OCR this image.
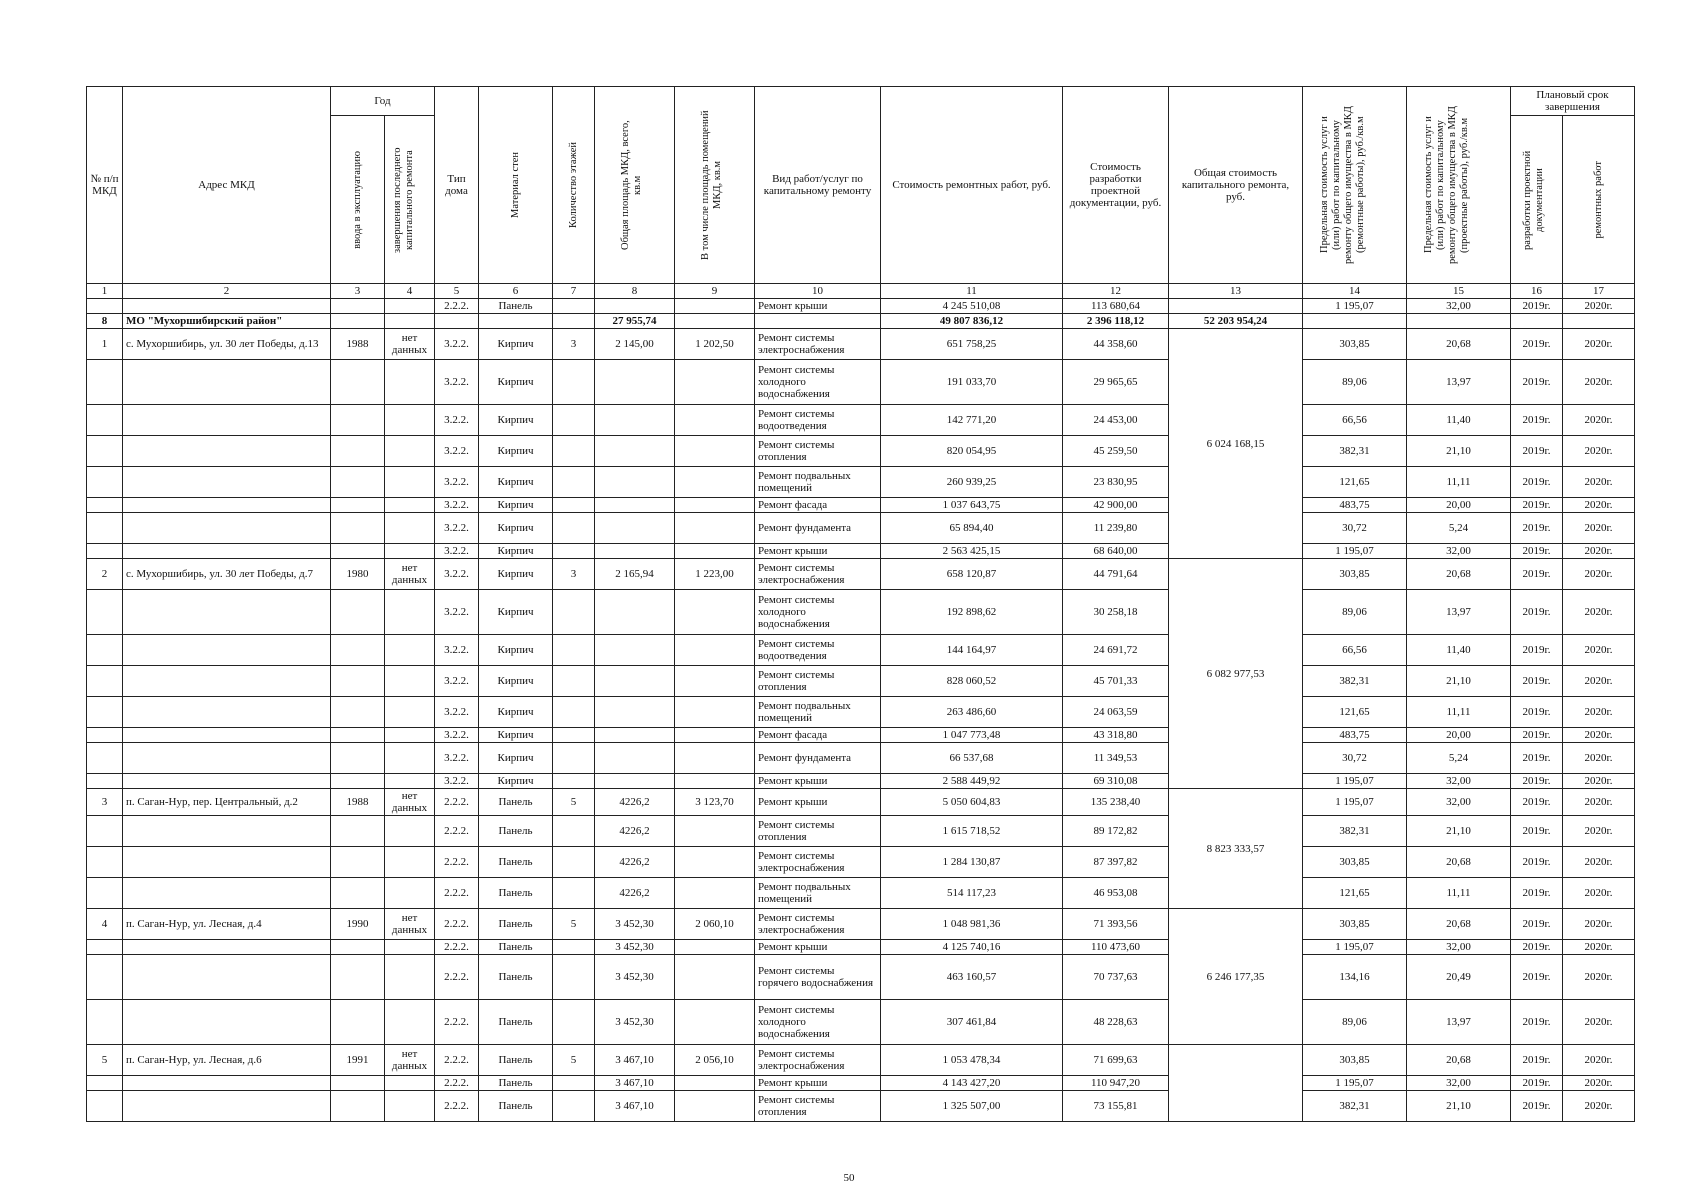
№ п/п МКД	Адрес МКД	Год		Тип дома	Материал стен	Количество этажей	Общая площадь МКД, всего, кв.м	В том числе площадь помещений МКД, кв.м	Вид работ/услуг по капитальному ремонту	Стоимость ремонтных работ, руб.	Стоимость разработки проектной документации, руб.	Общая стоимость капитального ремонта, руб.	Предельная стоимость услуг и (или) работ по капитальному ремонту общего имущества в МКД (ремонтные работы), руб./кв.м	Предельная стоимость услуг и (или) работ по капитальному ремонту общего имущества в МКД (проектные работы), руб./кв.м	Плановый срок завершения	

		ввода в эксплуатацию	завершения последнего капитального ремонта												разработки проектной документации	ремонтных работ

1	2	3	4	5	6	7	8	9	10	11	12	13	14	15	16	17
				2.2.2.	Панель				Ремонт крыши	4 245 510,08	113 680,64		1 195,07	32,00	2019г.	2020г.
8	МО "Мухоршибирский район"						27 955,74			49 807 836,12	2 396 118,12	52 203 954,24				
1	с. Мухоршибирь, ул. 30 лет Победы, д.13	1988	нет данных	3.2.2.	Кирпич	3	2 145,00	1 202,50	Ремонт системы электроснабжения	651 758,25	44 358,60	6 024 168,15	303,85	20,68	2019г.	2020г.
				3.2.2.	Кирпич				Ремонт системы холодного водоснабжения	191 033,70	29 965,65		89,06	13,97	2019г.	2020г.
				3.2.2.	Кирпич				Ремонт системы водоотведения	142 771,20	24 453,00		66,56	11,40	2019г.	2020г.
				3.2.2.	Кирпич				Ремонт системы отопления	820 054,95	45 259,50		382,31	21,10	2019г.	2020г.
				3.2.2.	Кирпич				Ремонт подвальных помещений	260 939,25	23 830,95		121,65	11,11	2019г.	2020г.
				3.2.2.	Кирпич				Ремонт фасада	1 037 643,75	42 900,00		483,75	20,00	2019г.	2020г.
				3.2.2.	Кирпич				Ремонт фундамента	65 894,40	11 239,80		30,72	5,24	2019г.	2020г.
				3.2.2.	Кирпич				Ремонт крыши	2 563 425,15	68 640,00		1 195,07	32,00	2019г.	2020г.
2	с. Мухоршибирь, ул. 30 лет Победы, д.7	1980	нет данных	3.2.2.	Кирпич	3	2 165,94	1 223,00	Ремонт системы электроснабжения	658 120,87	44 791,64	6 082 977,53	303,85	20,68	2019г.	2020г.
				3.2.2.	Кирпич				Ремонт системы холодного водоснабжения	192 898,62	30 258,18		89,06	13,97	2019г.	2020г.
				3.2.2.	Кирпич				Ремонт системы водоотведения	144 164,97	24 691,72		66,56	11,40	2019г.	2020г.
				3.2.2.	Кирпич				Ремонт системы отопления	828 060,52	45 701,33		382,31	21,10	2019г.	2020г.
				3.2.2.	Кирпич				Ремонт подвальных помещений	263 486,60	24 063,59		121,65	11,11	2019г.	2020г.
				3.2.2.	Кирпич				Ремонт фасада	1 047 773,48	43 318,80		483,75	20,00	2019г.	2020г.
				3.2.2.	Кирпич				Ремонт фундамента	66 537,68	11 349,53		30,72	5,24	2019г.	2020г.
				3.2.2.	Кирпич				Ремонт крыши	2 588 449,92	69 310,08		1 195,07	32,00	2019г.	2020г.
3	п. Саган-Нур, пер. Центральный, д.2	1988	нет данных	2.2.2.	Панель	5	4226,2	3 123,70	Ремонт крыши	5 050 604,83	135 238,40	8 823 333,57	1 195,07	32,00	2019г.	2020г.
				2.2.2.	Панель		4226,2		Ремонт системы отопления	1 615 718,52	89 172,82		382,31	21,10	2019г.	2020г.
				2.2.2.	Панель		4226,2		Ремонт системы электроснабжения	1 284 130,87	87 397,82		303,85	20,68	2019г.	2020г.
				2.2.2.	Панель		4226,2		Ремонт подвальных помещений	514 117,23	46 953,08		121,65	11,11	2019г.	2020г.
4	п. Саган-Нур, ул. Лесная, д.4	1990	нет данных	2.2.2.	Панель	5	3 452,30	2 060,10	Ремонт системы электроснабжения	1 048 981,36	71 393,56	6 246 177,35	303,85	20,68	2019г.	2020г.
				2.2.2.	Панель		3 452,30		Ремонт крыши	4 125 740,16	110 473,60		1 195,07	32,00	2019г.	2020г.
				2.2.2.	Панель		3 452,30		Ремонт системы горячего водоснабжения	463 160,57	70 737,63		134,16	20,49	2019г.	2020г.
				2.2.2.	Панель		3 452,30		Ремонт системы холодного водоснабжения	307 461,84	48 228,63		89,06	13,97	2019г.	2020г.
5	п. Саган-Нур, ул. Лесная, д.6	1991	нет данных	2.2.2.	Панель	5	3 467,10	2 056,10	Ремонт системы электроснабжения	1 053 478,34	71 699,63		303,85	20,68	2019г.	2020г.
				2.2.2.	Панель		3 467,10		Ремонт крыши	4 143 427,20	110 947,20		1 195,07	32,00	2019г.	2020г.
				2.2.2.	Панель		3 467,10		Ремонт системы отопления	1 325 507,00	73 155,81		382,31	21,10	2019г.	2020г.
50
